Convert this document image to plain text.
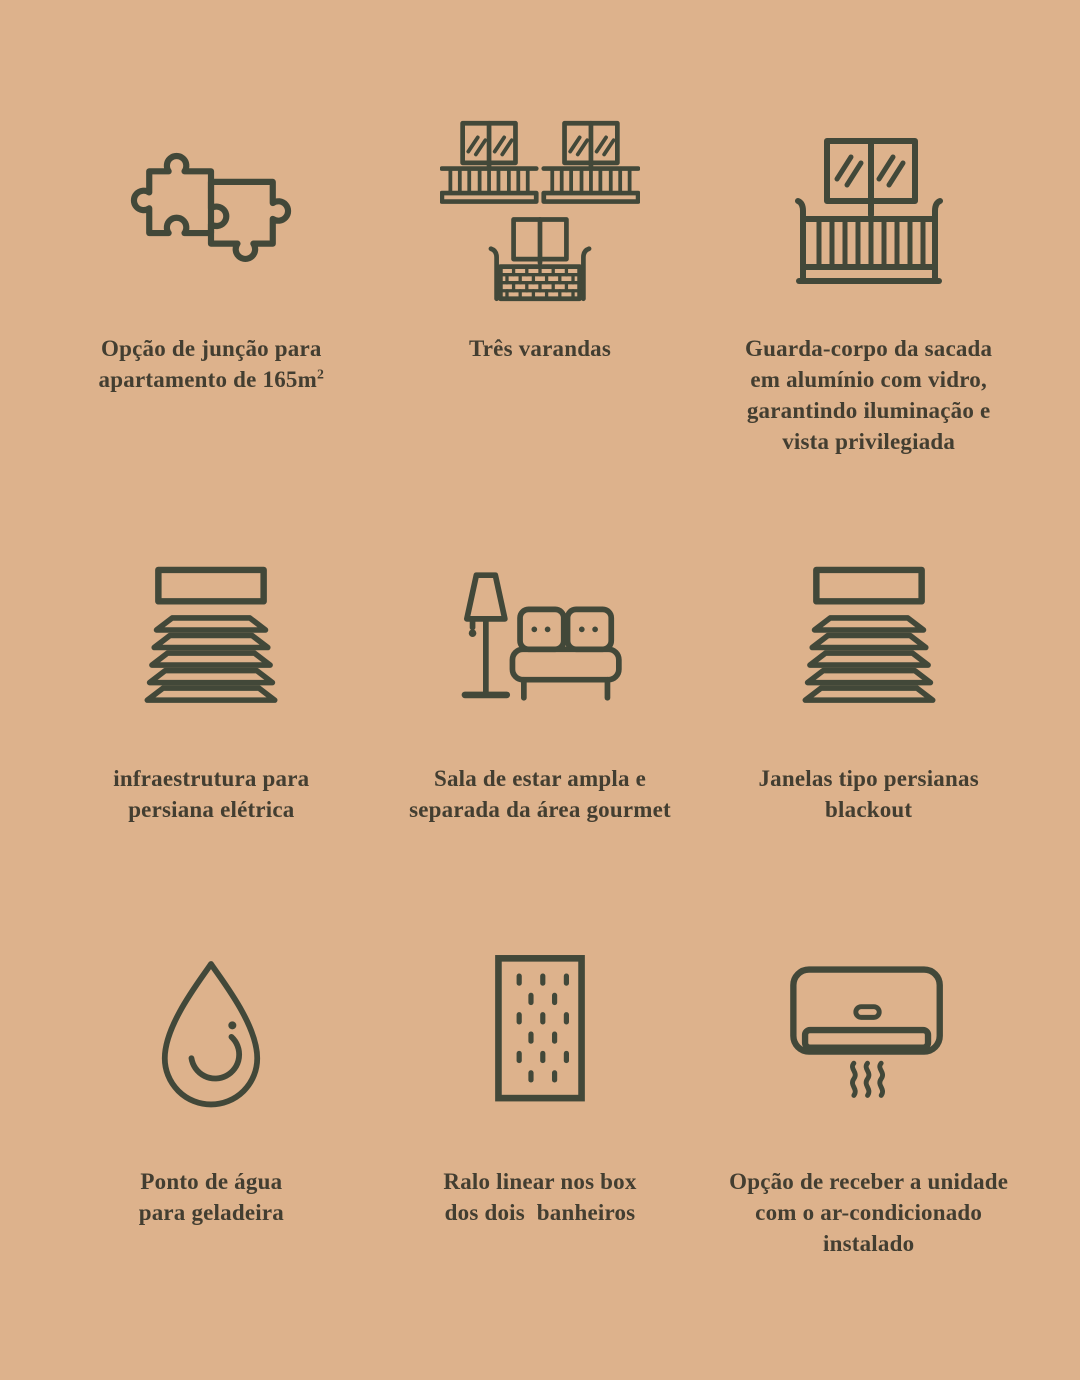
Opção de junção para
apartamento de $165m^2$
Três varandas	Guarda-corpo da sacada
em alumínio com vidro,
garantindo iluminação e
vista privilegiada
infraestrutura para
persiana elétrica
Sala de estar ampla e
separada da área gourmet
Janelas tipo persianas
blackout
Ponto de água
para geladeira
Ralo linear nos box
dos dois  banheiros
Opção de receber a unidade
com o ar-condicionado
instalado
